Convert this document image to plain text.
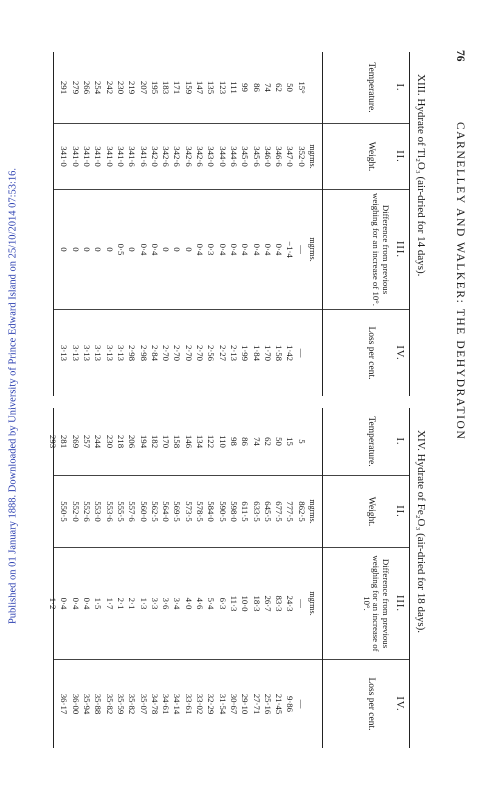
Published on 01 January 1888. Downloaded by University of Prince Edward Island on 25/10/2014 07:53:16.
76
CARNELLEY AND WALKER: THE DEHYDRATION
XIII. Hydrate of Tl₂O₃ (air-dried for 14 days).
I.
Temperature.
II.
Weight.
III.
Difference from previous weighing for an increase of 10°.
IV.
Loss per cent.
15°
50
62
74
86
99
111
123
135
147
159
171
183
195
207
219
230
242
254
266
279
291
mgrms.
352·0
347·0
346·6
346·0
345·6
345·0
344·6
344·0
343·0
342·6
342·6
342·6
342·6
342·0
341·6
341·6
341·0
341·0
341·0
341·0
341·0
341·0
mgrms.
—
−1·4
0·4
0·4
0·4
0·4
0·4
0·4
0·3
0·4
0
0
0
0·4
0·4
0
0·5
0
0
0
0
0
—
1·42
1·58
1·70
1·84
1·99
2·13
2·27
2·56
2·70
2·70
2·70
2·70
2·84
2·98
2·98
3·13
3·13
3·13
3·13
3·13
3·13
XIV. Hydrate of Fe₂O₃ (air-dried for 18 days).
I.
Temperature.
II.
Weight.
III.
Difference from previous weighing for an increase of 10°.
IV.
Loss per cent.
5
15
50
62
74
86
98
110
122
134
146
158
170
182
194
206
218
230
244
257
269
281
293
mgrms.
862·5
777·5
677·5
645·5
633·5
611·5
598·0
590·5
584·0
578·5
573·5
569·5
564·0
562·5
560·0
557·6
555·5
553·6
553·0
552·6
552·0
550·5
mgrms.
—
24·3
83·3
26·7
18·3
10·0
11·3
6·3
5·4
4·6
4·0
3·4
3·6
3·3
1·3
2·1
2·1
1·7
1·5
0·4
0·4
0·4
1·2
—
9·86
21·45
25·16
27·71
29·10
30·67
31·54
32·29
33·02
33·61
34·14
34·61
34·78
35·07
35·82
35·59
35·82
35·88
35·94
36·00
36·17
